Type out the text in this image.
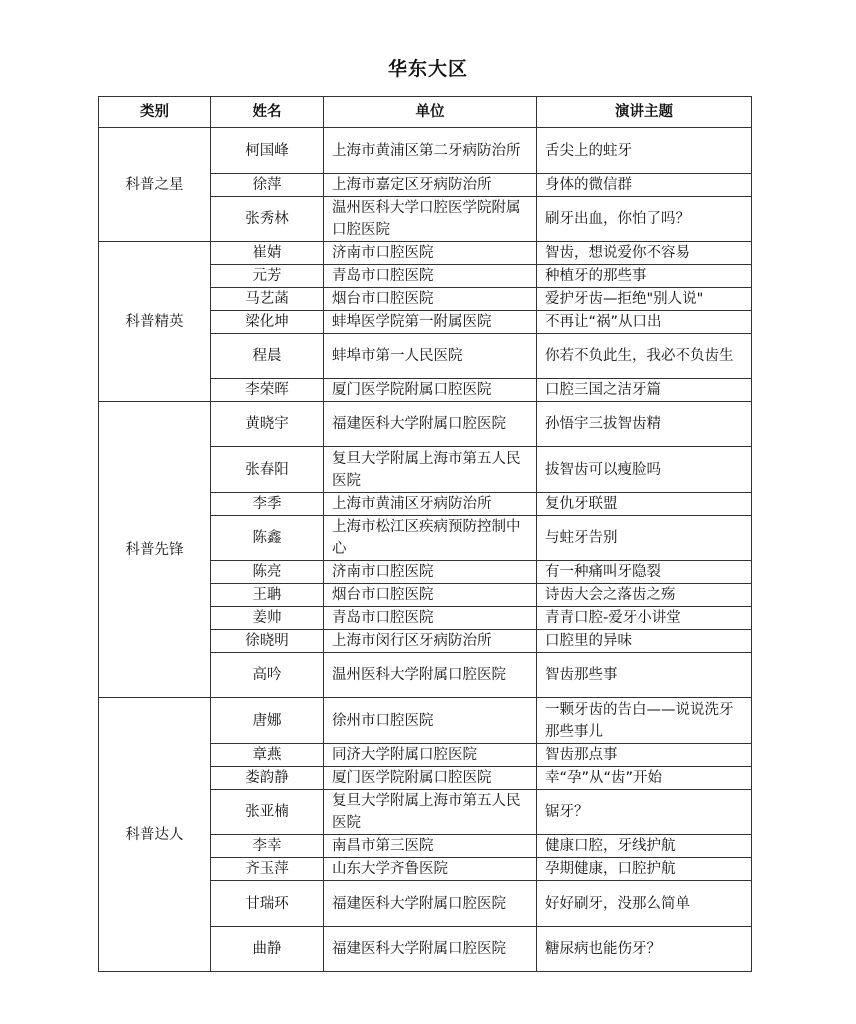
华东大区
类别	姓名	单位	演讲主题
科普之星	柯国峰	上海市黄浦区第二牙病防治所	舌尖上的蛀牙
	徐萍	上海市嘉定区牙病防治所	身体的微信群
	张秀林	温州医科大学口腔医学院附属口腔医院	刷牙出血，你怕了吗？
科普精英	崔婧	济南市口腔医院	智齿，想说爱你不容易
	元芳	青岛市口腔医院	种植牙的那些事
	马艺菡	烟台市口腔医院	爱护牙齿—拒绝"别人说"
	梁化坤	蚌埠医学院第一附属医院	不再让“祸”从口出
	程晨	蚌埠市第一人民医院	你若不负此生，我必不负齿生
	李荣晖	厦门医学院附属口腔医院	口腔三国之洁牙篇
科普先锋	黄晓宇	福建医科大学附属口腔医院	孙悟宇三拔智齿精
	张春阳	复旦大学附属上海市第五人民医院	拔智齿可以瘦脸吗
	李季	上海市黄浦区牙病防治所	复仇牙联盟
	陈鑫	上海市松江区疾病预防控制中心	与蛀牙告别
	陈亮	济南市口腔医院	有一种痛叫牙隐裂
	王聃	烟台市口腔医院	诗齿大会之落齿之殇
	姜帅	青岛市口腔医院	青青口腔-爱牙小讲堂
	徐晓明	上海市闵行区牙病防治所	口腔里的异味
	高吟	温州医科大学附属口腔医院	智齿那些事
科普达人	唐娜	徐州市口腔医院	一颗牙齿的告白——说说洗牙那些事儿
	章燕	同济大学附属口腔医院	智齿那点事
	娄韵静	厦门医学院附属口腔医院	幸“孕”从“齿”开始
	张亚楠	复旦大学附属上海市第五人民医院	锯牙？
	李幸	南昌市第三医院	健康口腔，牙线护航
	齐玉萍	山东大学齐鲁医院	孕期健康，口腔护航
	甘瑞环	福建医科大学附属口腔医院	好好刷牙，没那么简单
	曲静	福建医科大学附属口腔医院	糖尿病也能伤牙？
